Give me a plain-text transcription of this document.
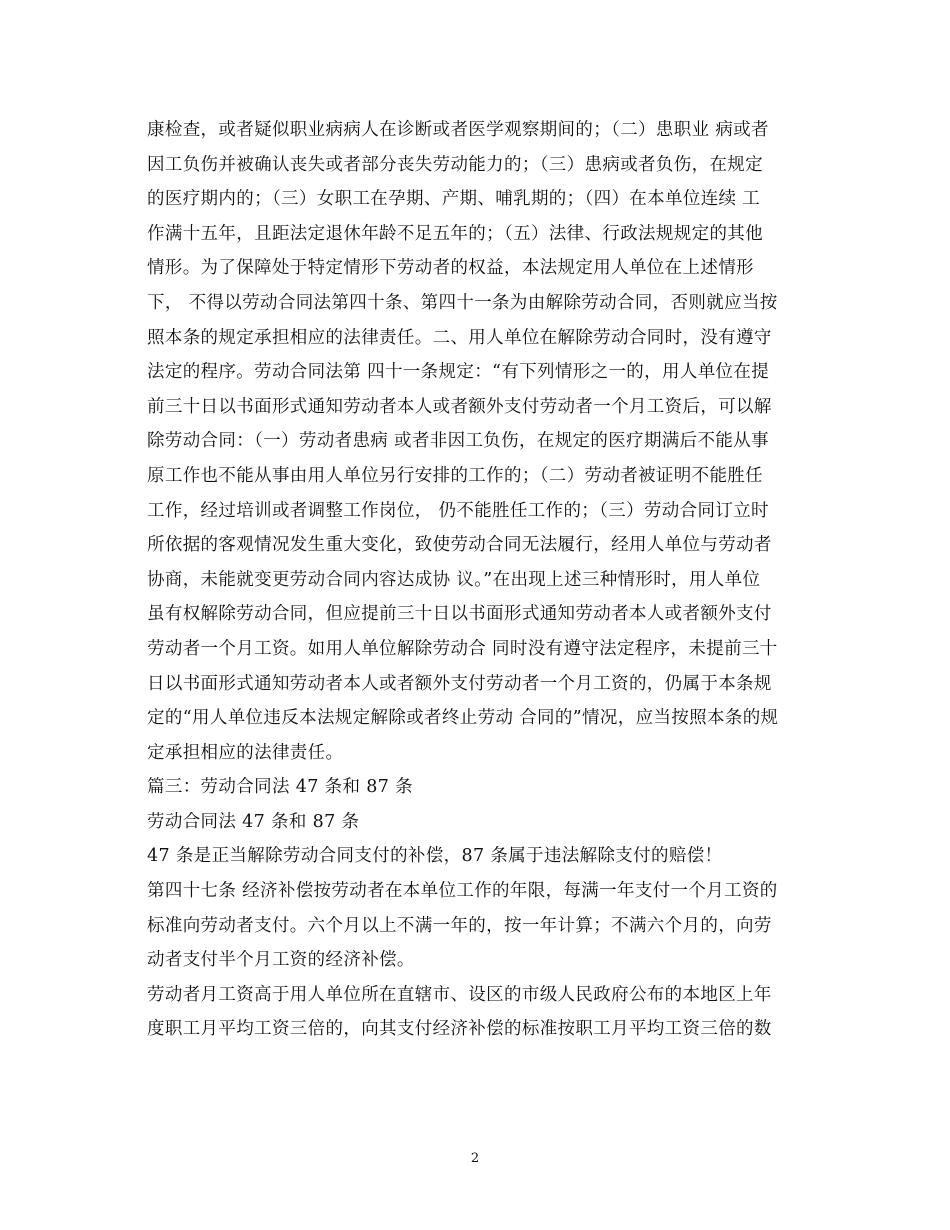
康检查，或者疑似职业病病人在诊断或者医学观察期间的；（二）患职业 病或者
因工负伤并被确认丧失或者部分丧失劳动能力的；（三）患病或者负伤，在规定
的医疗期内的；（三）女职工在孕期、产期、哺乳期的；（四）在本单位连续 工
作满十五年，且距法定退休年龄不足五年的；（五）法律、行政法规规定的其他
情形。为了保障处于特定情形下劳动者的权益，本法规定用人单位在上述情形
下， 不得以劳动合同法第四十条、第四十一条为由解除劳动合同，否则就应当按
照本条的规定承担相应的法律责任。二、用人单位在解除劳动合同时，没有遵守
法定的程序。劳动合同法第 四十一条规定：“有下列情形之一的，用人单位在提
前三十日以书面形式通知劳动者本人或者额外支付劳动者一个月工资后，可以解
除劳动合同：（一）劳动者患病 或者非因工负伤，在规定的医疗期满后不能从事
原工作也不能从事由用人单位另行安排的工作的；（二）劳动者被证明不能胜任
工作，经过培训或者调整工作岗位， 仍不能胜任工作的；（三）劳动合同订立时
所依据的客观情况发生重大变化，致使劳动合同无法履行，经用人单位与劳动者
协商，未能就变更劳动合同内容达成协 议。”在出现上述三种情形时，用人单位
虽有权解除劳动合同，但应提前三十日以书面形式通知劳动者本人或者额外支付
劳动者一个月工资。如用人单位解除劳动合 同时没有遵守法定程序，未提前三十
日以书面形式通知劳动者本人或者额外支付劳动者一个月工资的，仍属于本条规
定的“用人单位违反本法规定解除或者终止劳动 合同的”情况，应当按照本条的规
定承担相应的法律责任。
篇三：劳动合同法 47 条和 87 条
劳动合同法 47 条和 87 条
47 条是正当解除劳动合同支付的补偿，87 条属于违法解除支付的赔偿！
第四十七条 经济补偿按劳动者在本单位工作的年限，每满一年支付一个月工资的
标准向劳动者支付。六个月以上不满一年的，按一年计算；不满六个月的，向劳
动者支付半个月工资的经济补偿。
劳动者月工资高于用人单位所在直辖市、设区的市级人民政府公布的本地区上年
度职工月平均工资三倍的，向其支付经济补偿的标准按职工月平均工资三倍的数
2
